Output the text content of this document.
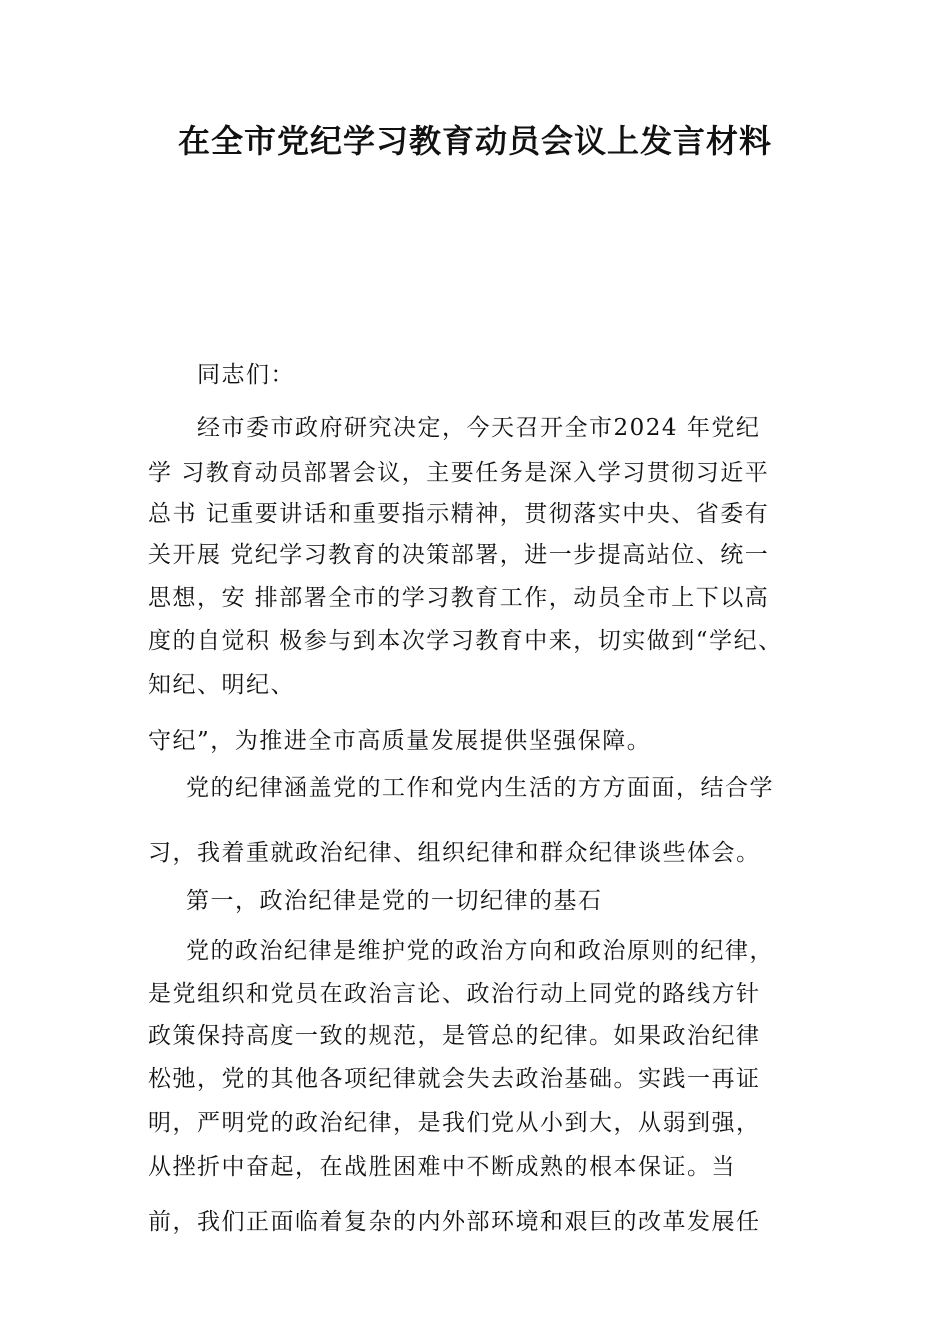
在全市党纪学习教育动员会议上发言材料
同志们：
经市委市政府研究决定，今天召开全市2024 年党纪
学 习教育动员部署会议，主要任务是深入学习贯彻习近平
总书 记重要讲话和重要指示精神，贯彻落实中央、省委有
关开展 党纪学习教育的决策部署，进一步提高站位、统一
思想，安 排部署全市的学习教育工作，动员全市上下以高
度的自觉积 极参与到本次学习教育中来，切实做到“学纪、
知纪、明纪、
守纪”，为推进全市高质量发展提供坚强保障。
党的纪律涵盖党的工作和党内生活的方方面面，结合学
习，我着重就政治纪律、组织纪律和群众纪律谈些体会。
第一，政治纪律是党的一切纪律的基石
党的政治纪律是维护党的政治方向和政治原则的纪律，
是党组织和党员在政治言论、政治行动上同党的路线方针
政策保持高度一致的规范，是管总的纪律。如果政治纪律
松弛，党的其他各项纪律就会失去政治基础。实践一再证
明，严明党的政治纪律，是我们党从小到大，从弱到强，
从挫折中奋起，在战胜困难中不断成熟的根本保证。当
前，我们正面临着复杂的内外部环境和艰巨的改革发展任
